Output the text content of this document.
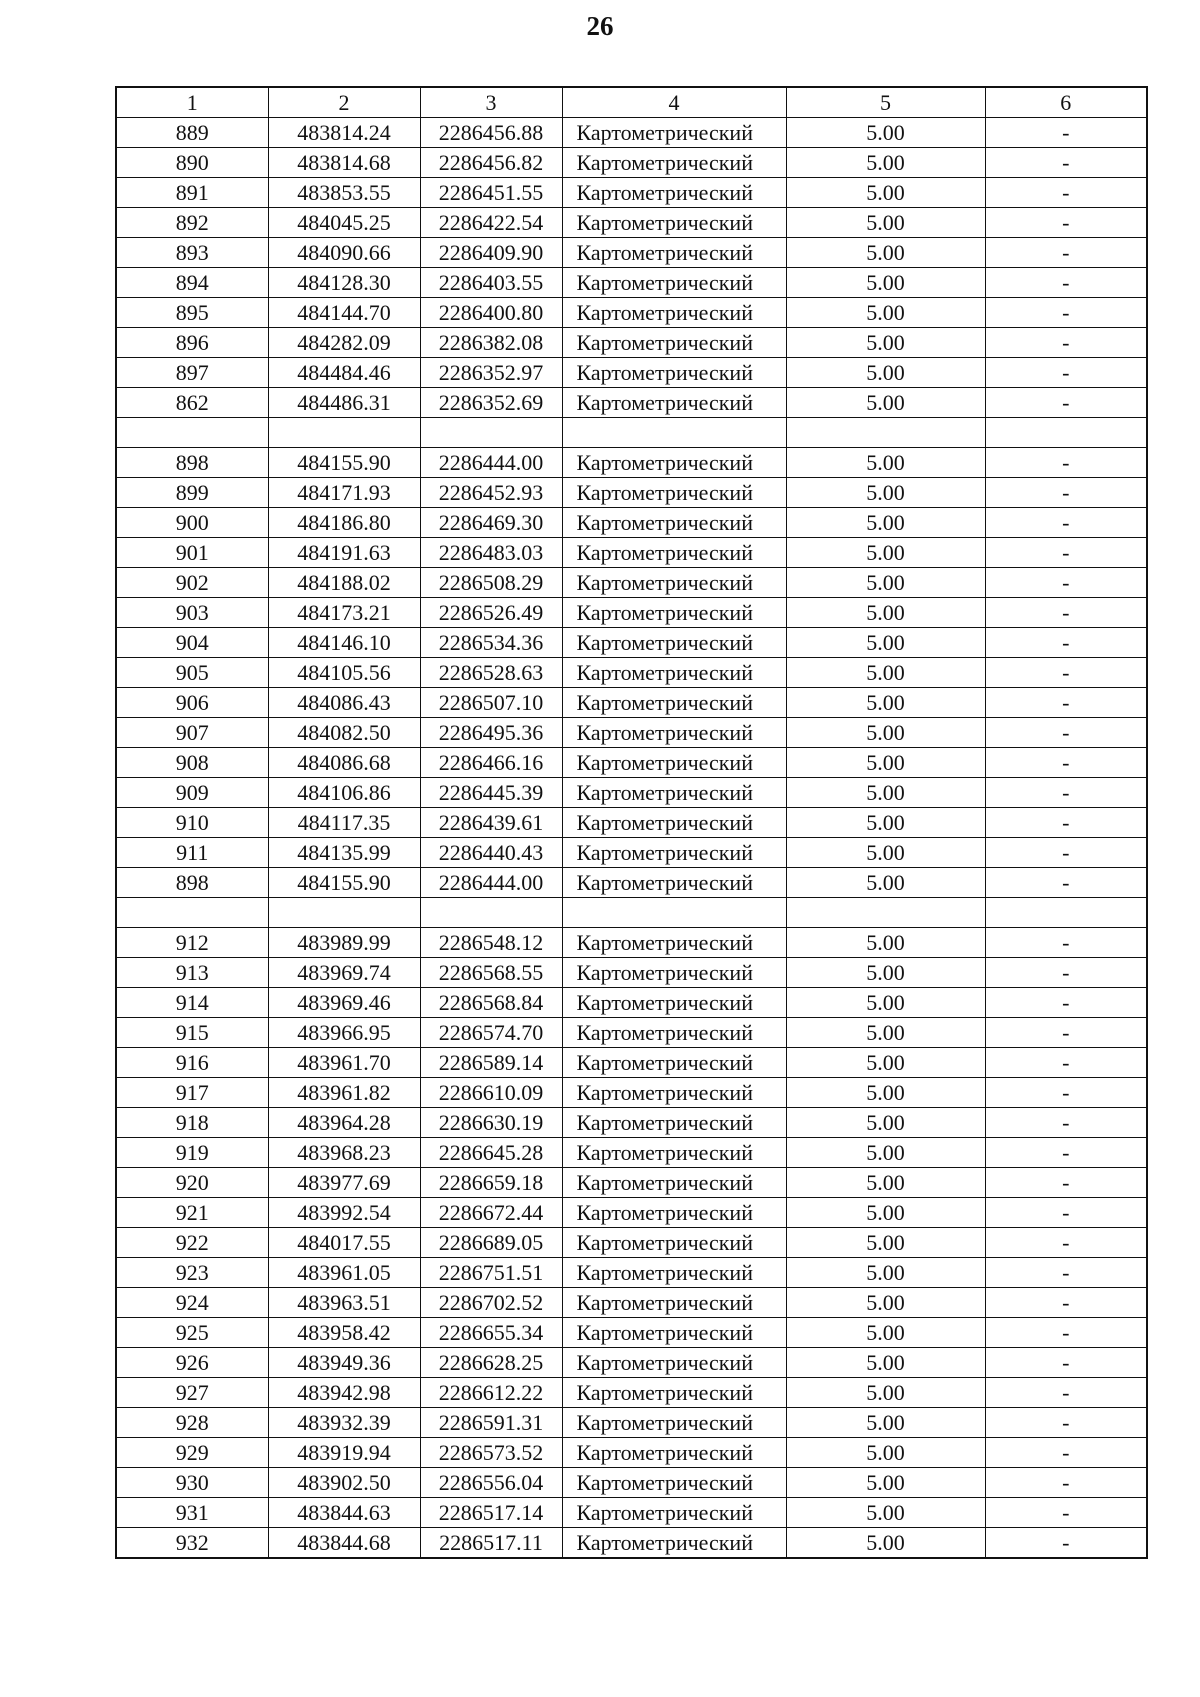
26
1	2	3	4	5	6
889	483814.24	2286456.88	Картометрический	5.00	-
890	483814.68	2286456.82	Картометрический	5.00	-
891	483853.55	2286451.55	Картометрический	5.00	-
892	484045.25	2286422.54	Картометрический	5.00	-
893	484090.66	2286409.90	Картометрический	5.00	-
894	484128.30	2286403.55	Картометрический	5.00	-
895	484144.70	2286400.80	Картометрический	5.00	-
896	484282.09	2286382.08	Картометрический	5.00	-
897	484484.46	2286352.97	Картометрический	5.00	-
862	484486.31	2286352.69	Картометрический	5.00	-

898	484155.90	2286444.00	Картометрический	5.00	-
899	484171.93	2286452.93	Картометрический	5.00	-
900	484186.80	2286469.30	Картометрический	5.00	-
901	484191.63	2286483.03	Картометрический	5.00	-
902	484188.02	2286508.29	Картометрический	5.00	-
903	484173.21	2286526.49	Картометрический	5.00	-
904	484146.10	2286534.36	Картометрический	5.00	-
905	484105.56	2286528.63	Картометрический	5.00	-
906	484086.43	2286507.10	Картометрический	5.00	-
907	484082.50	2286495.36	Картометрический	5.00	-
908	484086.68	2286466.16	Картометрический	5.00	-
909	484106.86	2286445.39	Картометрический	5.00	-
910	484117.35	2286439.61	Картометрический	5.00	-
911	484135.99	2286440.43	Картометрический	5.00	-
898	484155.90	2286444.00	Картометрический	5.00	-

912	483989.99	2286548.12	Картометрический	5.00	-
913	483969.74	2286568.55	Картометрический	5.00	-
914	483969.46	2286568.84	Картометрический	5.00	-
915	483966.95	2286574.70	Картометрический	5.00	-
916	483961.70	2286589.14	Картометрический	5.00	-
917	483961.82	2286610.09	Картометрический	5.00	-
918	483964.28	2286630.19	Картометрический	5.00	-
919	483968.23	2286645.28	Картометрический	5.00	-
920	483977.69	2286659.18	Картометрический	5.00	-
921	483992.54	2286672.44	Картометрический	5.00	-
922	484017.55	2286689.05	Картометрический	5.00	-
923	483961.05	2286751.51	Картометрический	5.00	-
924	483963.51	2286702.52	Картометрический	5.00	-
925	483958.42	2286655.34	Картометрический	5.00	-
926	483949.36	2286628.25	Картометрический	5.00	-
927	483942.98	2286612.22	Картометрический	5.00	-
928	483932.39	2286591.31	Картометрический	5.00	-
929	483919.94	2286573.52	Картометрический	5.00	-
930	483902.50	2286556.04	Картометрический	5.00	-
931	483844.63	2286517.14	Картометрический	5.00	-
932	483844.68	2286517.11	Картометрический	5.00	-
